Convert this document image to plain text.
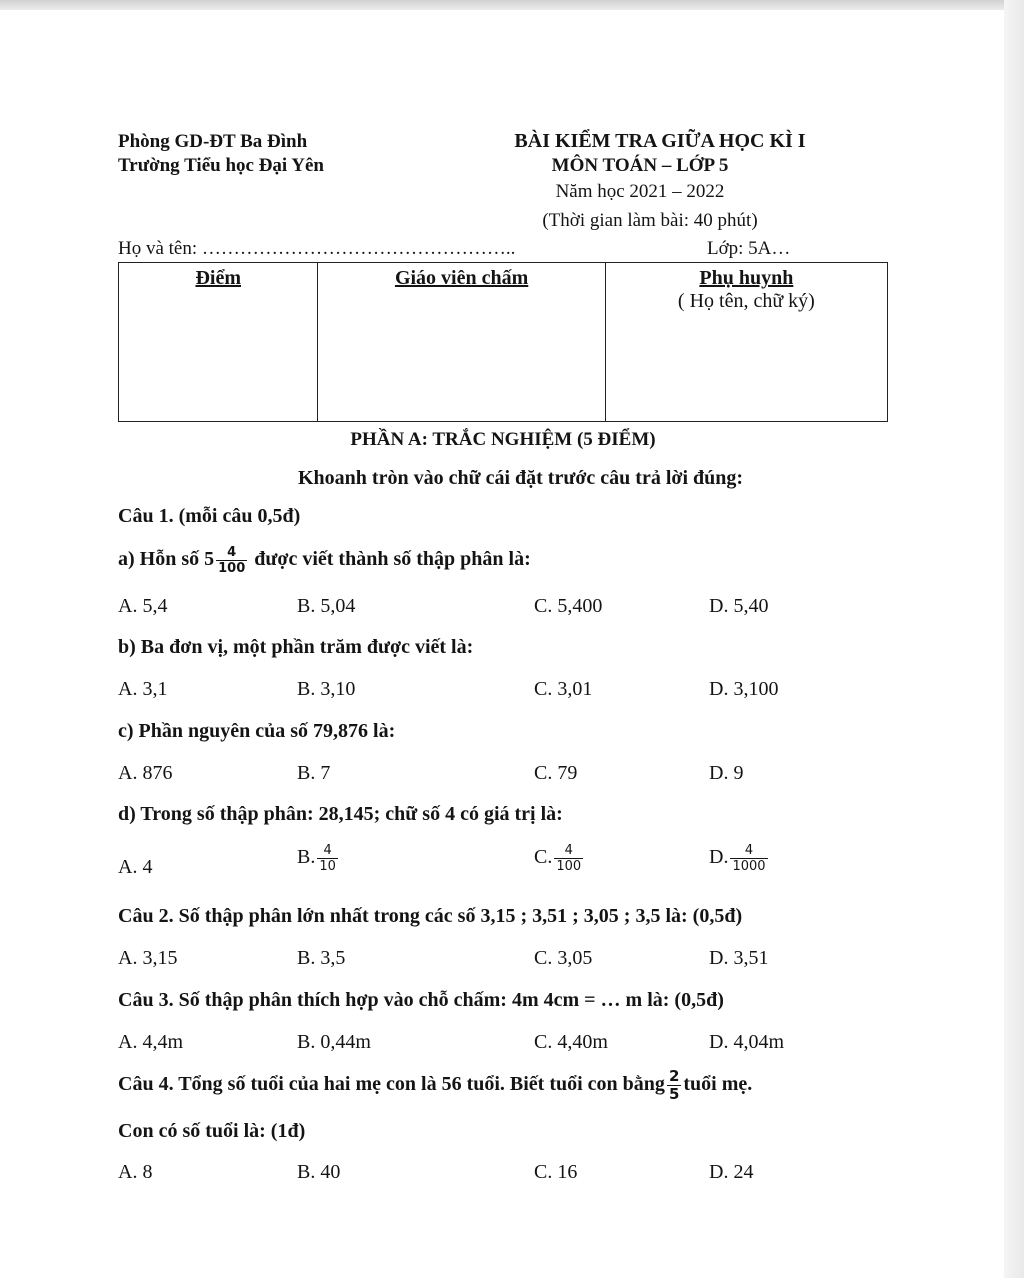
Phòng GD-ĐT Ba Đình
Trường Tiểu học Đại Yên
BÀI KIỂM TRA GIỮA HỌC KÌ I
MÔN TOÁN – LỚP 5
Năm học 2021 – 2022
(Thời gian làm bài: 40 phút)
Họ và tên: …………………………………………..	Lớp: 5A…
Điểm	Giáo viên chấm	Phụ huynh
( Họ tên, chữ ký)
PHẦN A: TRẮC NGHIỆM (5 ĐIỂM)
Khoanh tròn vào chữ cái đặt trước câu trả lời đúng:
Câu 1. (mỗi câu 0,5đ)
a) Hỗn số $5 \frac{4}{100}$ được viết thành số thập phân là:
A. 5,4	B. 5,04	C. 5,400	D. 5,40
b) Ba đơn vị, một phần trăm được viết là:
A. 3,1	B. 3,10	C. 3,01	D. 3,100
c) Phần nguyên của số 79,876 là:
A. 876	B. 7	C. 79	D. 9
d) Trong số thập phân: 28,145; chữ số 4 có giá trị là:
A. 4	B. $\frac{4}{10}$	C. $\frac{4}{100}$	D. $\frac{4}{1000}$
Câu 2. Số thập phân lớn nhất trong các số 3,15 ; 3,51 ; 3,05 ; 3,5 là: (0,5đ)
A. 3,15	B. 3,5	C. 3,05	D. 3,51
Câu 3. Số thập phân thích hợp vào chỗ chấm: 4m 4cm = … m là: (0,5đ)
A. 4,4m	B. 0,44m	C. 4,40m	D. 4,04m
Câu 4. Tổng số tuổi của hai mẹ con là 56 tuổi. Biết tuổi con bằng $\frac{2}{5}$ tuổi mẹ.
Con có số tuổi là: (1đ)
A. 8	B. 40	C. 16	D. 24
